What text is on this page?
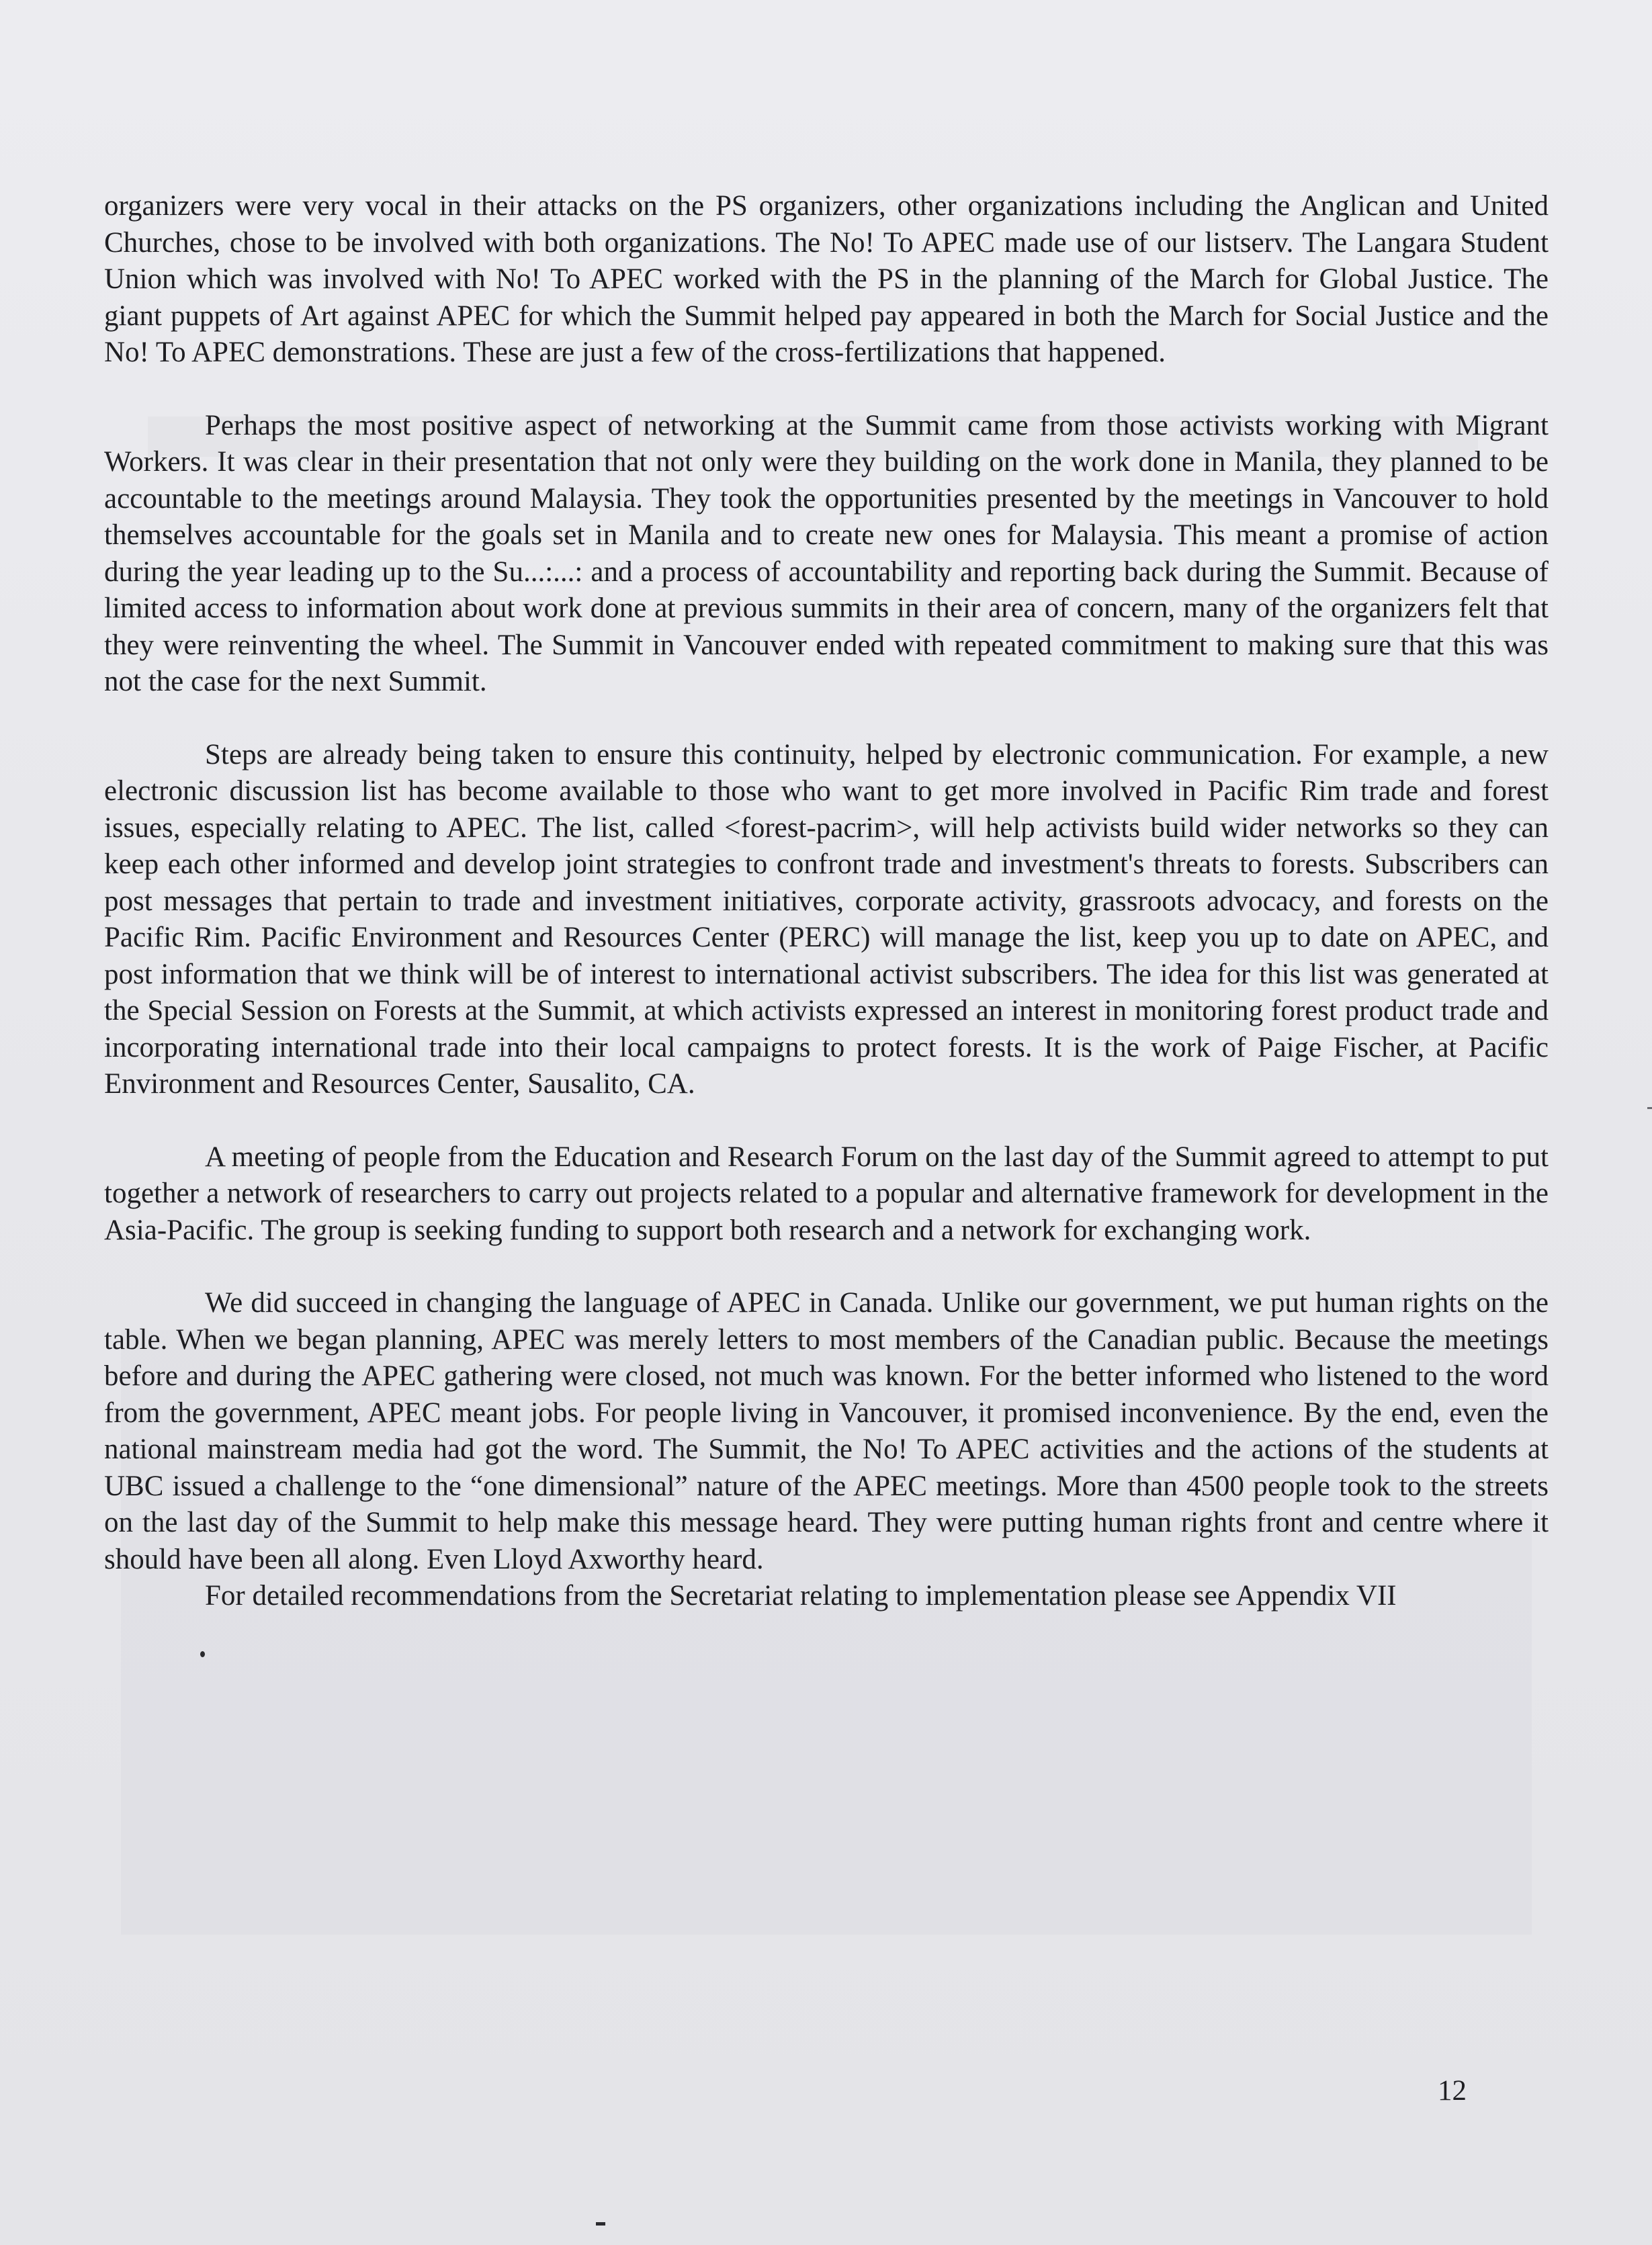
organizers were very vocal in their attacks on the PS organizers, other organizations including the Anglican and United Churches, chose to be involved with both organizations. The No! To APEC made use of our listserv. The Langara Student Union which was involved with No! To APEC worked with the PS in the planning of the March for Global Justice. The giant puppets of Art against APEC for which the Summit helped pay appeared in both the March for Social Justice and the No! To APEC demonstrations. These are just a few of the cross-fertilizations that happened.

Perhaps the most positive aspect of networking at the Summit came from those activists working with Migrant Workers. It was clear in their presentation that not only were they building on the work done in Manila, they planned to be accountable to the meetings around Malaysia. They took the opportunities presented by the meetings in Vancouver to hold themselves accountable for the goals set in Manila and to create new ones for Malaysia. This meant a promise of action during the year leading up to the Su...:...: and a process of accountability and reporting back during the Summit. Because of limited access to information about work done at previous summits in their area of concern, many of the organizers felt that they were reinventing the wheel. The Summit in Vancouver ended with repeated commitment to making sure that this was not the case for the next Summit.

Steps are already being taken to ensure this continuity, helped by electronic communication. For example, a new electronic discussion list has become available to those who want to get more involved in Pacific Rim trade and forest issues, especially relating to APEC. The list, called <forest-pacrim>, will help activists build wider networks so they can keep each other informed and develop joint strategies to confront trade and investment's threats to forests. Subscribers can post messages that pertain to trade and investment initiatives, corporate activity, grassroots advocacy, and forests on the Pacific Rim. Pacific Environment and Resources Center (PERC) will manage the list, keep you up to date on APEC, and post information that we think will be of interest to international activist subscribers. The idea for this list was generated at the Special Session on Forests at the Summit, at which activists expressed an interest in monitoring forest product trade and incorporating international trade into their local campaigns to protect forests. It is the work of Paige Fischer, at Pacific Environment and Resources Center, Sausalito, CA.

A meeting of people from the Education and Research Forum on the last day of the Summit agreed to attempt to put together a network of researchers to carry out projects related to a popular and alternative framework for development in the Asia-Pacific. The group is seeking funding to support both research and a network for exchanging work.

We did succeed in changing the language of APEC in Canada. Unlike our government, we put human rights on the table. When we began planning, APEC was merely letters to most members of the Canadian public. Because the meetings before and during the APEC gathering were closed, not much was known. For the better informed who listened to the word from the government, APEC meant jobs. For people living in Vancouver, it promised inconvenience. By the end, even the national mainstream media had got the word. The Summit, the No! To APEC activities and the actions of the students at UBC issued a challenge to the “one dimensional” nature of the APEC meetings. More than 4500 people took to the streets on the last day of the Summit to help make this message heard. They were putting human rights front and centre where it should have been all along. Even Lloyd Axworthy heard.

For detailed recommendations from the Secretariat relating to implementation please see Appendix VII

12
